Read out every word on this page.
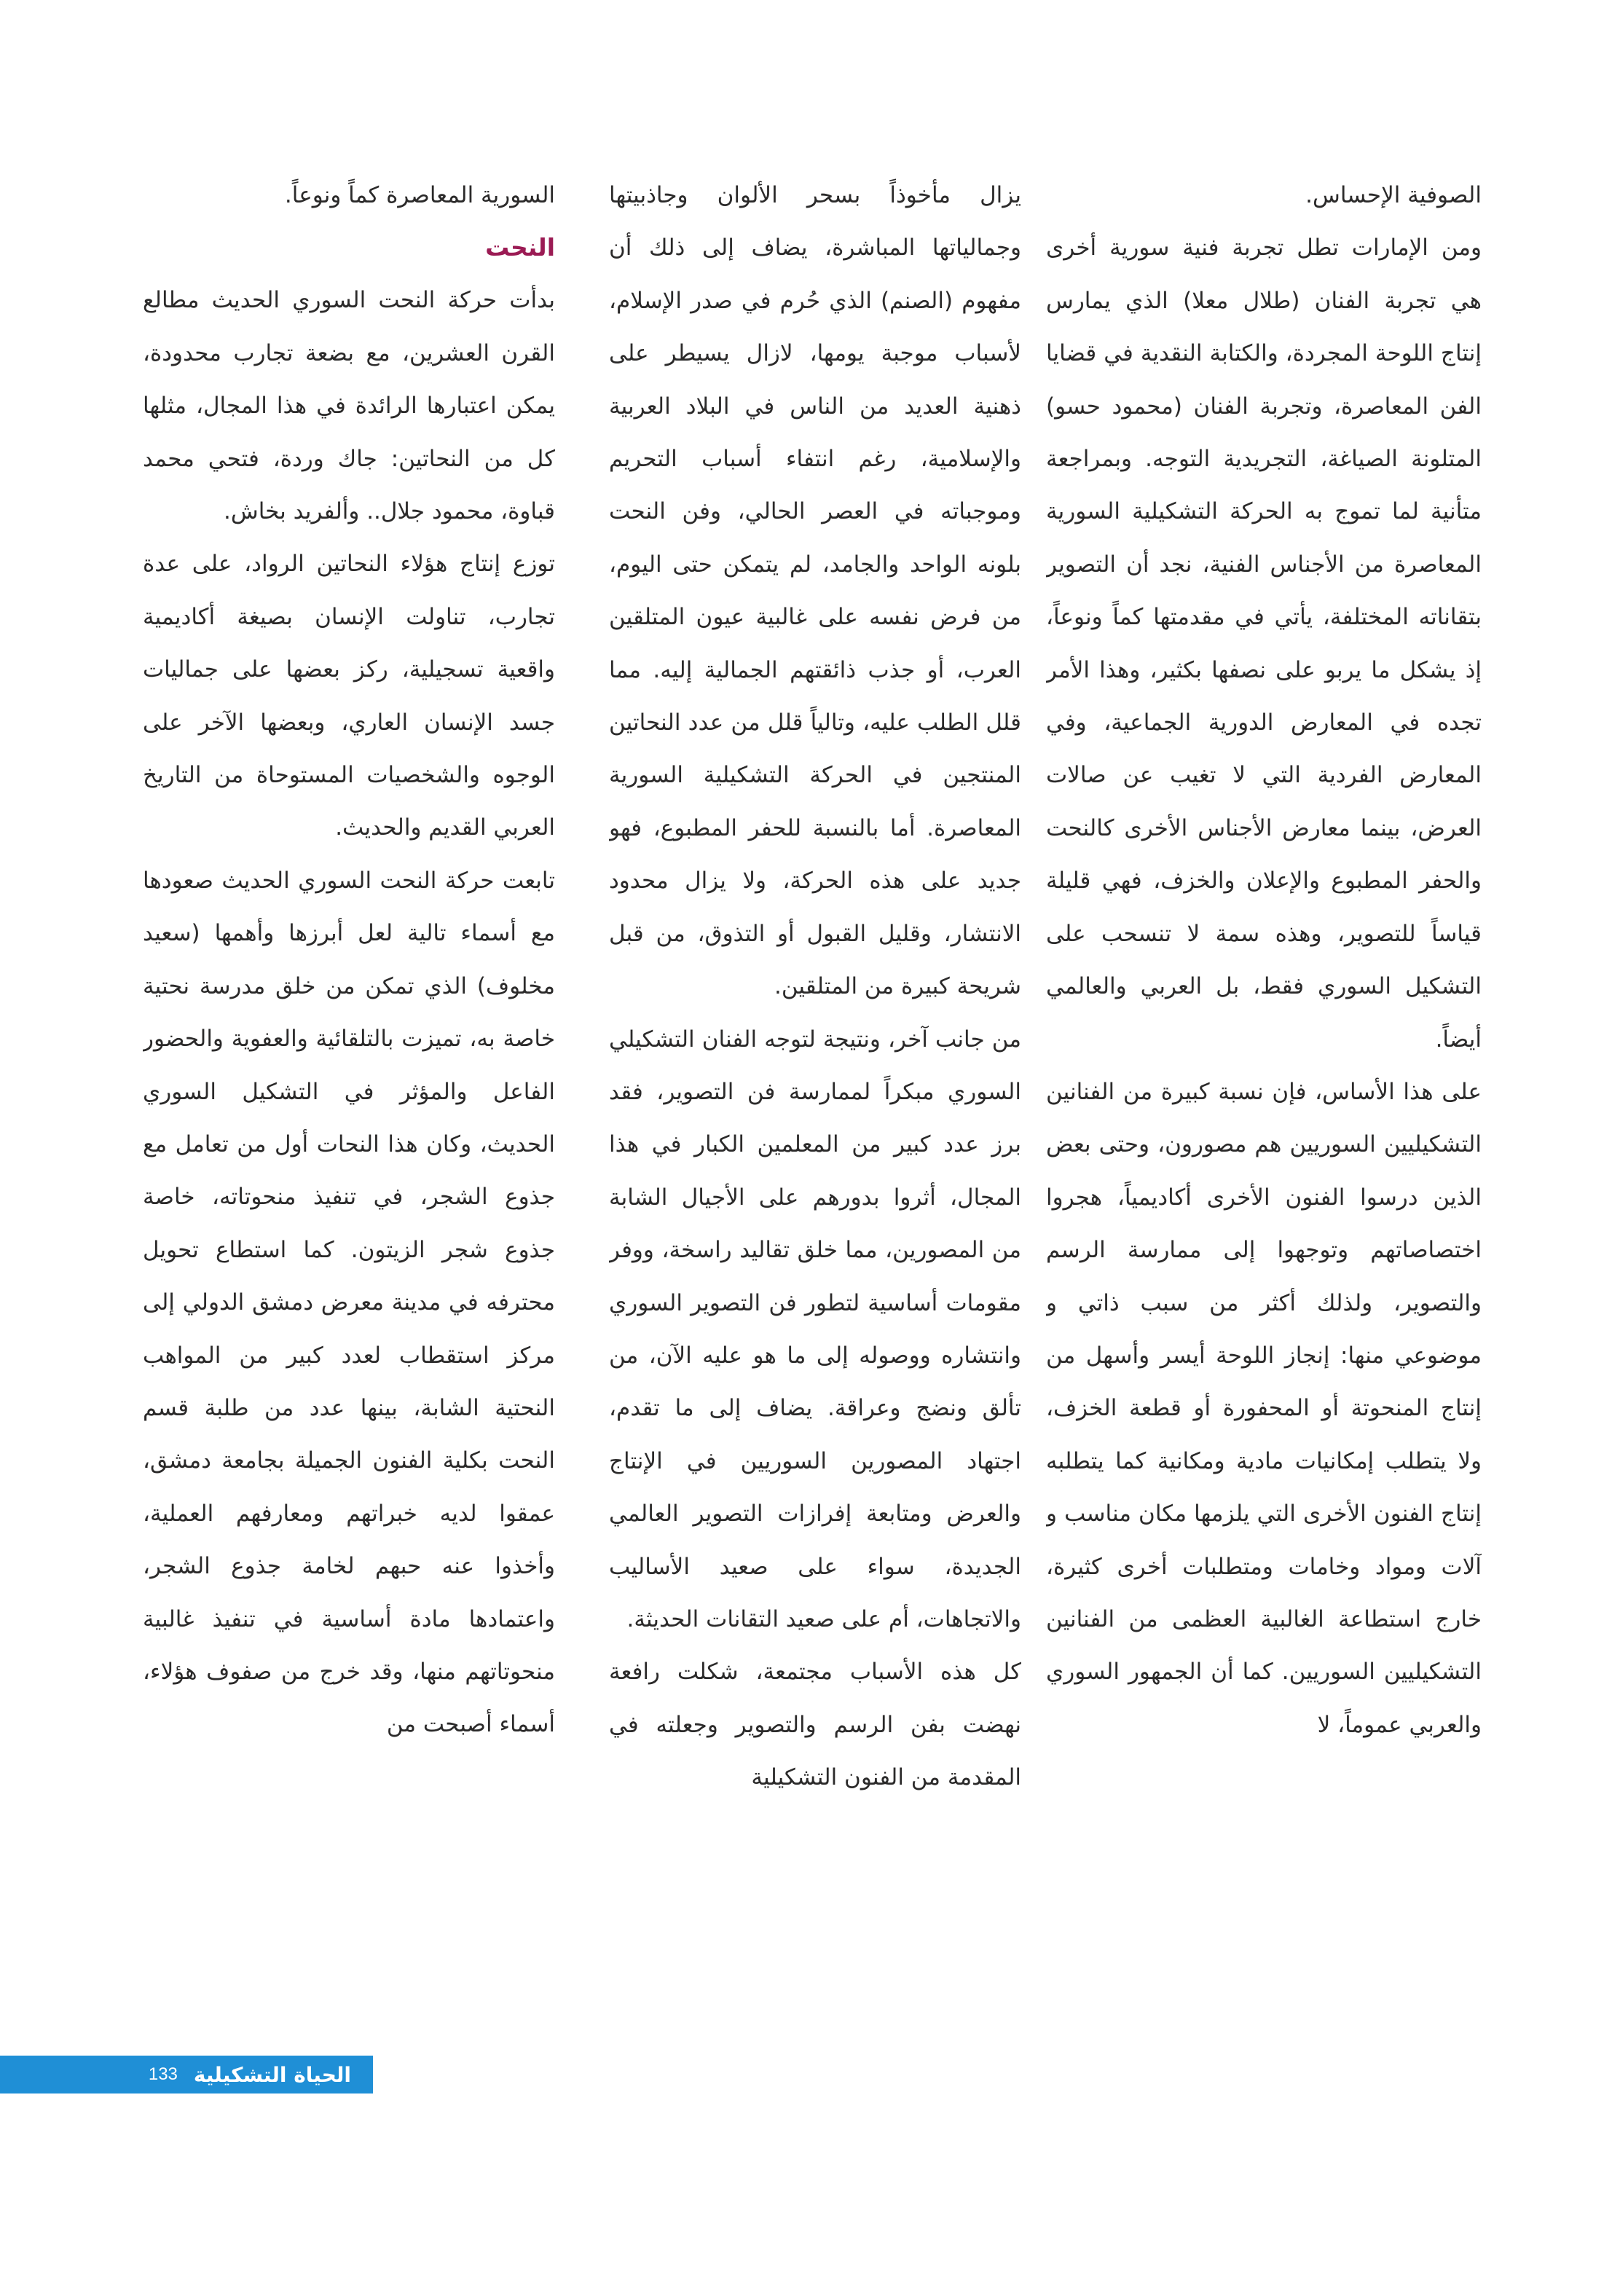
الصوفية الإحساس.

ومن الإمارات تطل تجربة فنية سورية أخرى هي تجربة الفنان (طلال معلا) الذي يمارس إنتاج اللوحة المجردة، والكتابة النقدية في قضايا الفن المعاصرة، وتجربة الفنان (محمود حسو) المتلونة الصياغة، التجريدية التوجه. وبمراجعة متأنية لما تموج به الحركة التشكيلية السورية المعاصرة من الأجناس الفنية، نجد أن التصوير بتقاناته المختلفة، يأتي في مقدمتها كماً ونوعاً، إذ يشكل ما يربو على نصفها بكثير، وهذا الأمر تجده في المعارض الدورية الجماعية، وفي المعارض الفردية التي لا تغيب عن صالات العرض، بينما معارض الأجناس الأخرى كالنحت والحفر المطبوع والإعلان والخزف، فهي قليلة قياساً للتصوير، وهذه سمة لا تنسحب على التشكيل السوري فقط، بل العربي والعالمي أيضاً.

على هذا الأساس، فإن نسبة كبيرة من الفنانين التشكيليين السوريين هم مصورون، وحتى بعض الذين درسوا الفنون الأخرى أكاديمياً، هجروا اختصاصاتهم وتوجهوا إلى ممارسة الرسم والتصوير، ولذلك أكثر من سبب ذاتي و موضوعي منها: إنجاز اللوحة أيسر وأسهل من إنتاج المنحوتة أو المحفورة أو قطعة الخزف، ولا يتطلب إمكانيات مادية ومكانية كما يتطلبه إنتاج الفنون الأخرى التي يلزمها مكان مناسب و آلات ومواد وخامات ومتطلبات أخرى كثيرة، خارج استطاعة الغالبية العظمى من الفنانين التشكيليين السوريين. كما أن الجمهور السوري والعربي عموماً، لا

يزال مأخوذاً بسحر الألوان وجاذبيتها وجمالياتها المباشرة، يضاف إلى ذلك أن مفهوم (الصنم) الذي حُرم في صدر الإسلام، لأسباب موجبة يومها، لازال يسيطر على ذهنية العديد من الناس في البلاد العربية والإسلامية، رغم انتفاء أسباب التحريم وموجباته في العصر الحالي، وفن النحت بلونه الواحد والجامد، لم يتمكن حتى اليوم، من فرض نفسه على غالبية عيون المتلقين العرب، أو جذب ذائقتهم الجمالية إليه. مما قلل الطلب عليه، وتالياً قلل من عدد النحاتين المنتجين في الحركة التشكيلية السورية المعاصرة. أما بالنسبة للحفر المطبوع، فهو جديد على هذه الحركة، ولا يزال محدود الانتشار، وقليل القبول أو التذوق، من قبل شريحة كبيرة من المتلقين.

من جانب آخر، ونتيجة لتوجه الفنان التشكيلي السوري مبكراً لممارسة فن التصوير، فقد برز عدد كبير من المعلمين الكبار في هذا المجال، أثروا بدورهم على الأجيال الشابة من المصورين، مما خلق تقاليد راسخة، ووفر مقومات أساسية لتطور فن التصوير السوري وانتشاره ووصوله إلى ما هو عليه الآن، من تألق ونضج وعراقة. يضاف إلى ما تقدم، اجتهاد المصورين السوريين في الإنتاج والعرض ومتابعة إفرازات التصوير العالمي الجديدة، سواء على صعيد الأساليب والاتجاهات، أم على صعيد التقانات الحديثة.

كل هذه الأسباب مجتمعة، شكلت رافعة نهضت بفن الرسم والتصوير وجعلته في المقدمة من الفنون التشكيلية

السورية المعاصرة كماً ونوعاً.

النحت

بدأت حركة النحت السوري الحديث مطالع القرن العشرين، مع بضعة تجارب محدودة، يمكن اعتبارها الرائدة في هذا المجال، مثلها كل من النحاتين: جاك وردة، فتحي محمد قباوة، محمود جلال.. وألفريد بخاش.

توزع إنتاج هؤلاء النحاتين الرواد، على عدة تجارب، تناولت الإنسان بصيغة أكاديمية واقعية تسجيلية، ركز بعضها على جماليات جسد الإنسان العاري، وبعضها الآخر على الوجوه والشخصيات المستوحاة من التاريخ العربي القديم والحديث.

تابعت حركة النحت السوري الحديث صعودها مع أسماء تالية لعل أبرزها وأهمها (سعيد مخلوف) الذي تمكن من خلق مدرسة نحتية خاصة به، تميزت بالتلقائية والعفوية والحضور الفاعل والمؤثر في التشكيل السوري الحديث، وكان هذا النحات أول من تعامل مع جذوع الشجر، في تنفيذ منحوتاته، خاصة جذوع شجر الزيتون. كما استطاع تحويل محترفه في مدينة معرض دمشق الدولي إلى مركز استقطاب لعدد كبير من المواهب النحتية الشابة، بينها عدد من طلبة قسم النحت بكلية الفنون الجميلة بجامعة دمشق، عمقوا لديه خبراتهم ومعارفهم العملية، وأخذوا عنه حبهم لخامة جذوع الشجر، واعتمادها مادة أساسية في تنفيذ غالبية منحوتاتهم منها، وقد خرج من صفوف هؤلاء، أسماء أصبحت من

الحياة التشكيلية
133
